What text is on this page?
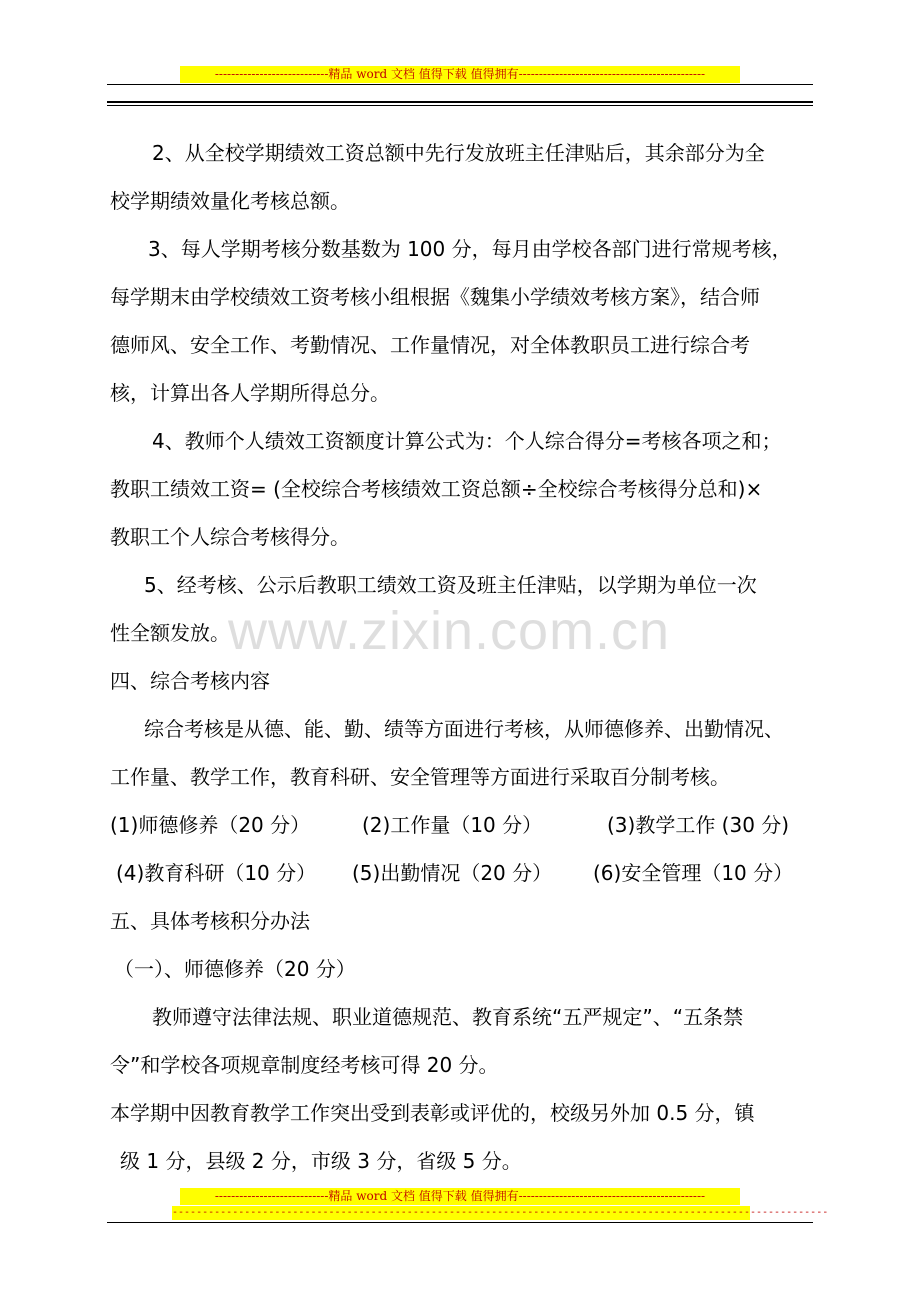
----------------------------精品 word 文档 值得下载 值得拥有----------------------------------------------
www.zixin.com.cn

　2、从全校学期绩效工资总额中先行发放班主任津贴后，其余部分为全

校学期绩效量化考核总额。

　3、每人学期考核分数基数为 100 分，每月由学校各部门进行常规考核，

每学期末由学校绩效工资考核小组根据《魏集小学绩效考核方案》，结合师

德师风、安全工作、考勤情况、工作量情况，对全体教职员工进行综合考

核，计算出各人学期所得总分。

　4、教师个人绩效工资额度计算公式为：个人综合得分=考核各项之和；

教职工绩效工资= (全校综合考核绩效工资总额÷全校综合考核得分总和)×

教职工个人综合考核得分。

　5、经考核、公示后教职工绩效工资及班主任津贴，以学期为单位一次

性全额发放。

四、综合考核内容

　综合考核是从德、能、勤、绩等方面进行考核，从师德修养、出勤情况、

工作量、教学工作，教育科研、安全管理等方面进行采取百分制考核。

(1)师德修养（20 分）	(2)工作量（10 分）	(3)教学工作 (30 分)
(4)教育科研（10 分）	(5)出勤情况（20 分）	(6)安全管理（10 分）

五、具体考核积分办法

（一）、师德修养（20 分）

　教师遵守法律法规、职业道德规范、教育系统“五严规定”、“五条禁

令”和学校各项规章制度经考核可得 20 分。

本学期中因教育教学工作突出受到表彰或评优的，校级另外加 0.5 分，镇

级 1 分，县级 2 分，市级 3 分，省级 5 分。

----------------------------精品 word 文档 值得下载 值得拥有----------------------------------------------
-------------------------------------------------------------------------------------------------------------
